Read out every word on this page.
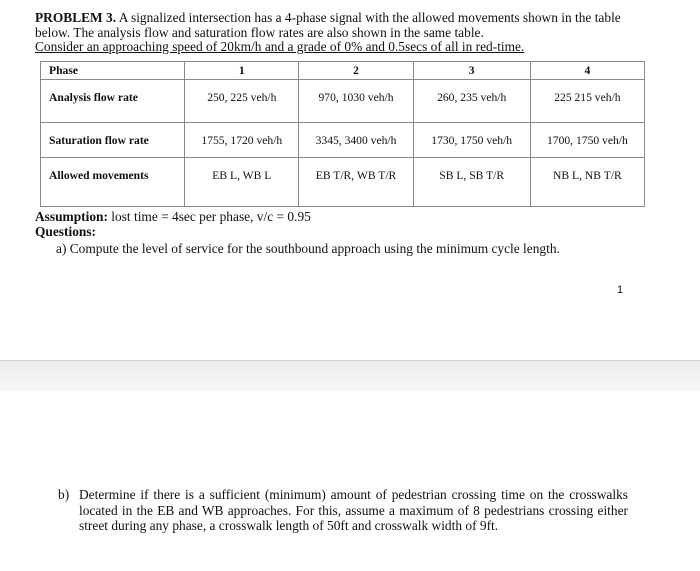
PROBLEM 3. A signalized intersection has a 4-phase signal with the allowed movements shown in the table below. The analysis flow and saturation flow rates are also shown in the same table.
Consider an approaching speed of 20km/h and a grade of 0% and 0.5secs of all in red-time.

Phase	1	2	3	4
Analysis flow rate	250, 225 veh/h	970, 1030 veh/h	260, 235 veh/h	225 215 veh/h
Saturation flow rate	1755, 1720 veh/h	3345, 3400 veh/h	1730, 1750 veh/h	1700, 1750 veh/h
Allowed movements	EB L, WB L	EB T/R, WB T/R	SB L, SB T/R	NB L, NB T/R
Assumption: lost time = 4sec per phase, v/c = 0.95
Questions:
a) Compute the level of service for the southbound approach using the minimum cycle length.
1
b) Determine if there is a sufficient (minimum) amount of pedestrian crossing time on the crosswalks located in the EB and WB approaches. For this, assume a maximum of 8 pedestrians crossing either street during any phase, a crosswalk length of 50ft and crosswalk width of 9ft.
